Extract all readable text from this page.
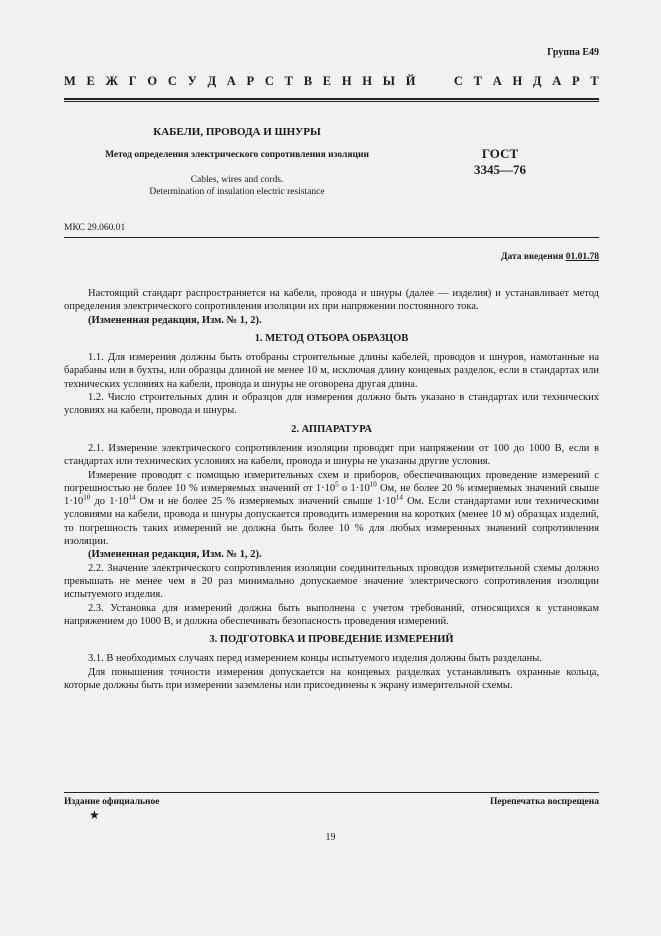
Группа Е49
М Е Ж Г О С У Д А Р С Т В Е Н Н Ы Й

	С Т А Н Д А Р Т
КАБЕЛИ, ПРОВОДА И ШНУРЫ
Метод определения электрического сопротивления изоляции
Cables, wires and cords.
Determination of insulation electric resistance
ГОСТ
3345—76
МКС 29.060.01
Дата введения 01.01.78

Настоящий стандарт распространяется на кабели, провода и шнуры (далее — изделия) и устанавливает метод определения электрического сопротивления изоляции их при напряжении постоянного тока.

(Измененная редакция, Изм. № 1, 2).

1. МЕТОД ОТБОРА ОБРАЗЦОВ

1.1. Для измерения должны быть отобраны строительные длины кабелей, проводов и шнуров, намотанные на барабаны или в бухты, или образцы длиной не менее 10 м, исключая длину концевых разделок, если в стандартах или технических условиях на кабели, провода и шнуры не оговорена другая длина.

1.2. Число строительных длин и образцов для измерения должно быть указано в стандартах или технических условиях на кабели, провода и шнуры.

2. АППАРАТУРА

2.1. Измерение электрического сопротивления изоляции проводят при напряжении от 100 до 1000 В, если в стандартах или технических условиях на кабели, провода и шнуры не указаны другие условия.

Измерение проводят с помощью измерительных схем и приборов, обеспечивающих проведение измерений с погрешностью не более 10 % измеряемых значений от $1\cdot 10^5$ о $1\cdot 10^{10}$ Ом, не более 20 % измеряемых значений свыше $1\cdot 10^{10}$ до $1\cdot 10^{14}$ Ом и не более 25 % измеряемых значений свыше $1\cdot 10^{14}$ Ом. Если стандартами или техническими условиями на кабели, провода и шнуры допускается проводить измерения на коротких (менее 10 м) образцах изделий, то погрешность таких измерений не должна быть более 10 % для любых измеренных значений сопротивления изоляции.

(Измененная редакция, Изм. № 1, 2).

2.2. Значение электрического сопротивления изоляции соединительных проводов измерительной схемы должно превышать не менее чем в 20 раз минимально допускаемое значение электрического сопротивления изоляции испытуемого изделия.

2.3. Установка для измерений должна быть выполнена с учетом требований, относящихся к установкам напряжением до 1000 В, и должна обеспечивать безопасность проведения измерений.

3. ПОДГОТОВКА И ПРОВЕДЕНИЕ ИЗМЕРЕНИЙ

3.1. В необходимых случаях перед измерением концы испытуемого изделия должны быть разделаны.

Для повышения точности измерения допускается на концевых разделках устанавливать охранные кольца, которые должны быть при измерении заземлены или присоединены к экрану измерительной схемы.

Издание официальное	Перепечатка воспрещена
★
19
